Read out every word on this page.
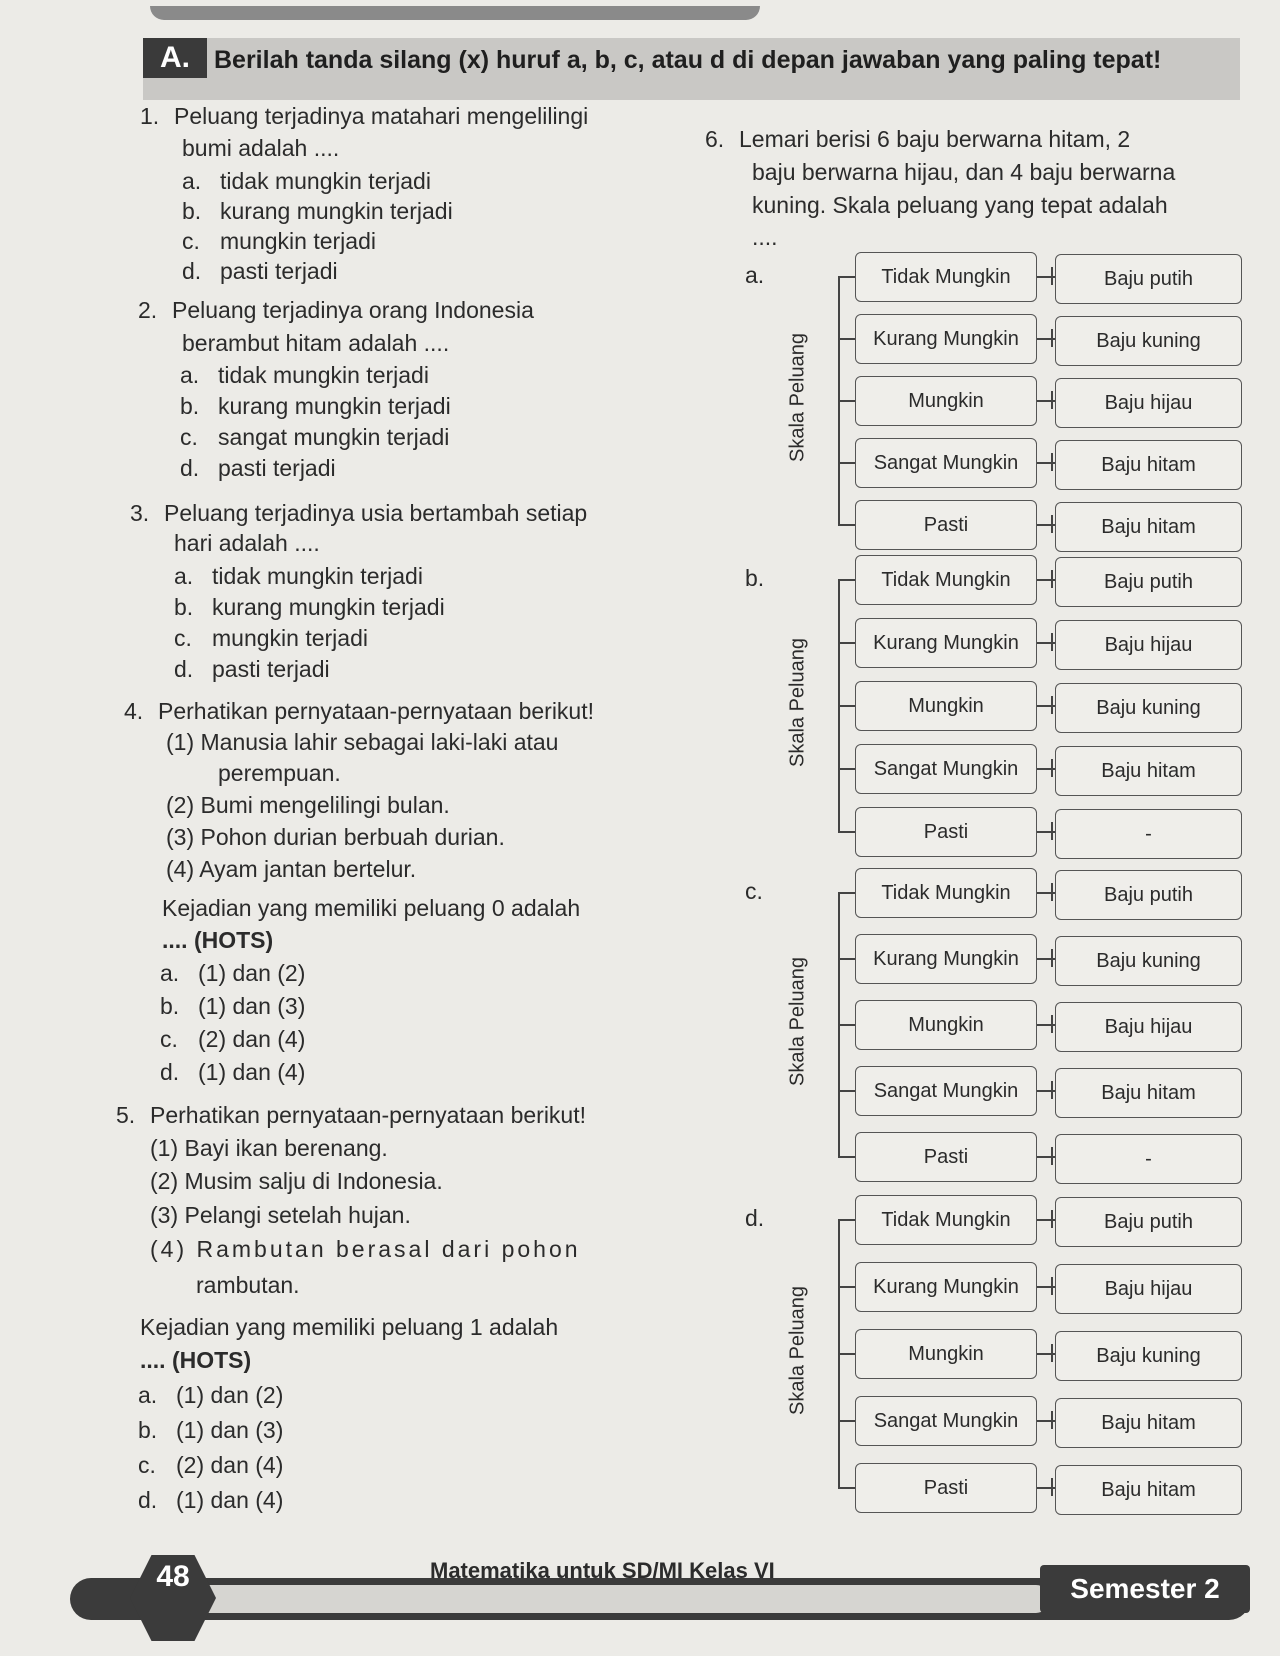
A. Berilah tanda silang (x) huruf a, b, c, atau d di depan jawaban yang paling tepat!
1. Peluang terjadinya matahari mengelilingi
bumi adalah ....
a. tidak mungkin terjadi
b. kurang mungkin terjadi
c. mungkin terjadi
d. pasti terjadi
2. Peluang terjadinya orang Indonesia
berambut hitam adalah ....
a. tidak mungkin terjadi
b. kurang mungkin terjadi
c. sangat mungkin terjadi
d. pasti terjadi
3. Peluang terjadinya usia bertambah setiap
hari adalah ....
a. tidak mungkin terjadi
b. kurang mungkin terjadi
c. mungkin terjadi
d. pasti terjadi
4. Perhatikan pernyataan-pernyataan berikut!
(1) Manusia lahir sebagai laki-laki atau
perempuan.
(2) Bumi mengelilingi bulan.
(3) Pohon durian berbuah durian.
(4) Ayam jantan bertelur.
Kejadian yang memiliki peluang 0 adalah
.... (HOTS)
a. (1) dan (2)
b. (1) dan (3)
c. (2) dan (4)
d. (1) dan (4)
5. Perhatikan pernyataan-pernyataan berikut!
(1) Bayi ikan berenang.
(2) Musim salju di Indonesia.
(3) Pelangi setelah hujan.
(4) Rambutan berasal dari pohon
rambutan.
Kejadian yang memiliki peluang 1 adalah
.... (HOTS)
a. (1) dan (2)
b. (1) dan (3)
c. (2) dan (4)
d. (1) dan (4)
6. Lemari berisi 6 baju berwarna hitam, 2
baju berwarna hijau, dan 4 baju berwarna
kuning. Skala peluang yang tepat adalah
....
a.
Skala Peluang
Tidak Mungkin	Baju putih
Kurang Mungkin	Baju kuning
Mungkin	Baju hijau
Sangat Mungkin	Baju hitam
Pasti	Baju hitam
b.
Skala Peluang
Tidak Mungkin	Baju putih
Kurang Mungkin	Baju hijau
Mungkin	Baju kuning
Sangat Mungkin	Baju hitam
Pasti	-
c.
Skala Peluang
Tidak Mungkin	Baju putih
Kurang Mungkin	Baju kuning
Mungkin	Baju hijau
Sangat Mungkin	Baju hitam
Pasti	-
d.
Skala Peluang
Tidak Mungkin	Baju putih
Kurang Mungkin	Baju hijau
Mungkin	Baju kuning
Sangat Mungkin	Baju hitam
Pasti	Baju hitam
48	Matematika untuk SD/MI Kelas VI
Semester 2
